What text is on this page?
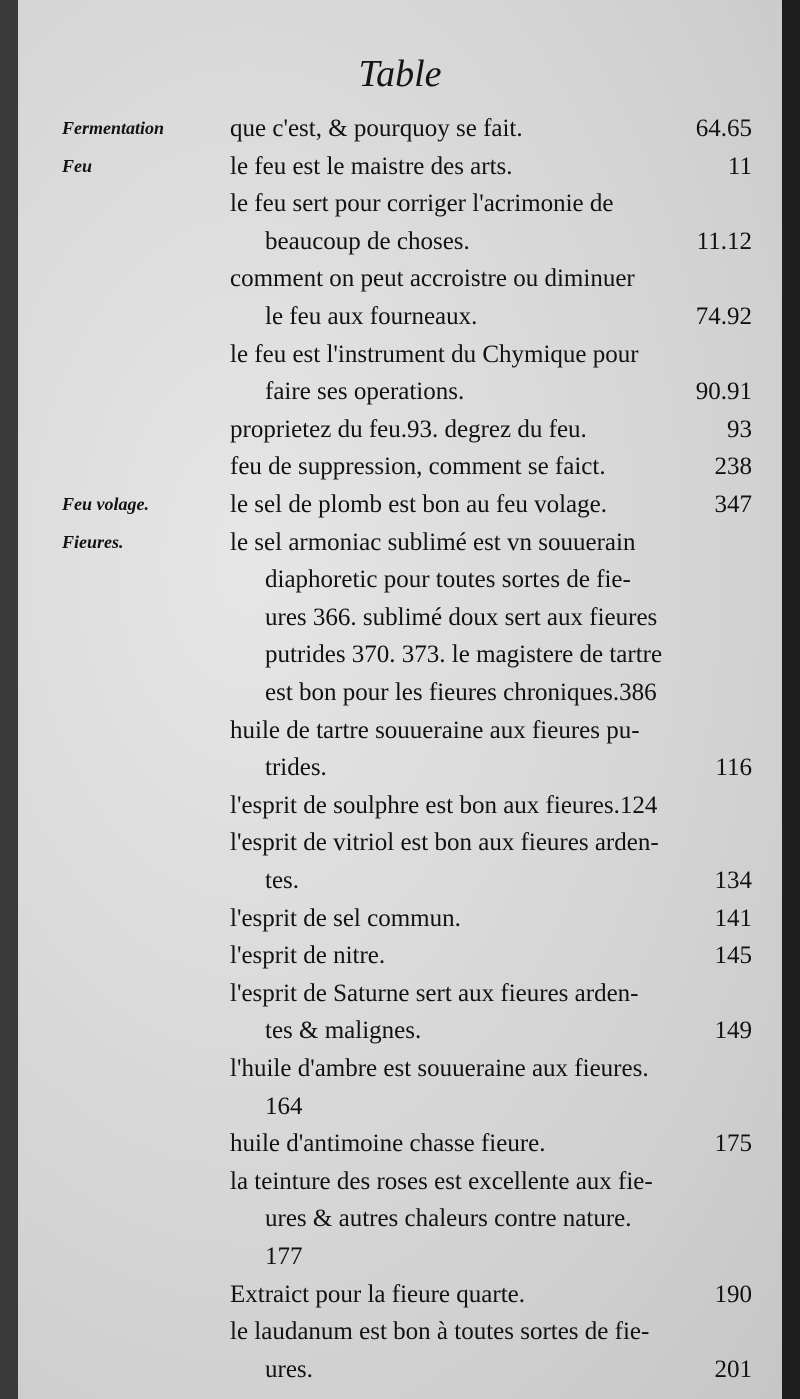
Table
Fermentation	que c'est, & pourquoy se fait.	64.65
Feu	le feu est le maistre des arts.	11
le feu sert pour corriger l'acrimonie de
beaucoup de choses.	11.12
comment on peut accroistre ou diminuer
le feu aux fourneaux.	74.92
le feu est l'instrument du Chymique pour
faire ses operations.	90.91
proprietez du feu.93. degrez du feu.	93
feu de suppression, comment se faict.	238
Feu volage.	le sel de plomb est bon au feu volage.	347
Fieures.	le sel armoniac sublimé est vn souuerain
diaphoretic pour toutes sortes de fie-
ures 366. sublimé doux sert aux fieures
putrides 370. 373. le magistere de tartre
est bon pour les fieures chroniques.386
huile de tartre souueraine aux fieures pu-
trides.	116
l'esprit de soulphre est bon aux fieures.124
l'esprit de vitriol est bon aux fieures arden-
tes.	134
l'esprit de sel commun.	141
l'esprit de nitre.	145
l'esprit de Saturne sert aux fieures arden-
tes & malignes.	149
l'huile d'ambre est souueraine aux fieures.
164
huile d'antimoine chasse fieure.	175
la teinture des roses est excellente aux fie-
ures & autres chaleurs contre nature.
177
Extraict pour la fieure quarte.	190
le laudanum est bon à toutes sortes de fie-
ures.	201
